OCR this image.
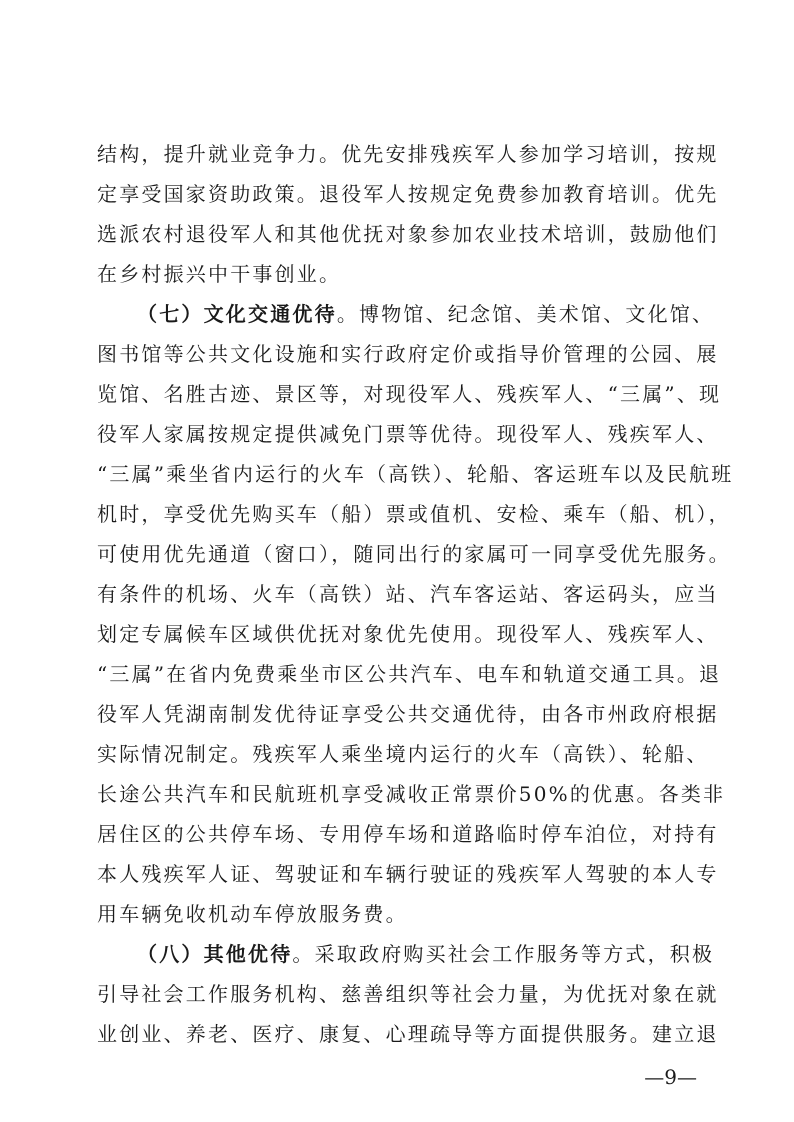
结构，提升就业竞争力。优先安排残疾军人参加学习培训，按规
定享受国家资助政策。退役军人按规定免费参加教育培训。优先
选派农村退役军人和其他优抚对象参加农业技术培训，鼓励他们
在乡村振兴中干事创业。
（七）文化交通优待。博物馆、纪念馆、美术馆、文化馆、
图书馆等公共文化设施和实行政府定价或指导价管理的公园、展
览馆、名胜古迹、景区等，对现役军人、残疾军人、“三属”、现
役军人家属按规定提供减免门票等优待。现役军人、残疾军人、
“三属”乘坐省内运行的火车（高铁）、轮船、客运班车以及民航班
机时，享受优先购买车（船）票或值机、安检、乘车（船、机），
可使用优先通道（窗口），随同出行的家属可一同享受优先服务。
有条件的机场、火车（高铁）站、汽车客运站、客运码头，应当
划定专属候车区域供优抚对象优先使用。现役军人、残疾军人、
“三属”在省内免费乘坐市区公共汽车、电车和轨道交通工具。退
役军人凭湖南制发优待证享受公共交通优待，由各市州政府根据
实际情况制定。残疾军人乘坐境内运行的火车（高铁）、轮船、
长途公共汽车和民航班机享受减收正常票价50%的优惠。各类非
居住区的公共停车场、专用停车场和道路临时停车泊位，对持有
本人残疾军人证、驾驶证和车辆行驶证的残疾军人驾驶的本人专
用车辆免收机动车停放服务费。
（八）其他优待。采取政府购买社会工作服务等方式，积极
引导社会工作服务机构、慈善组织等社会力量，为优抚对象在就
业创业、养老、医疗、康复、心理疏导等方面提供服务。建立退
—9—
